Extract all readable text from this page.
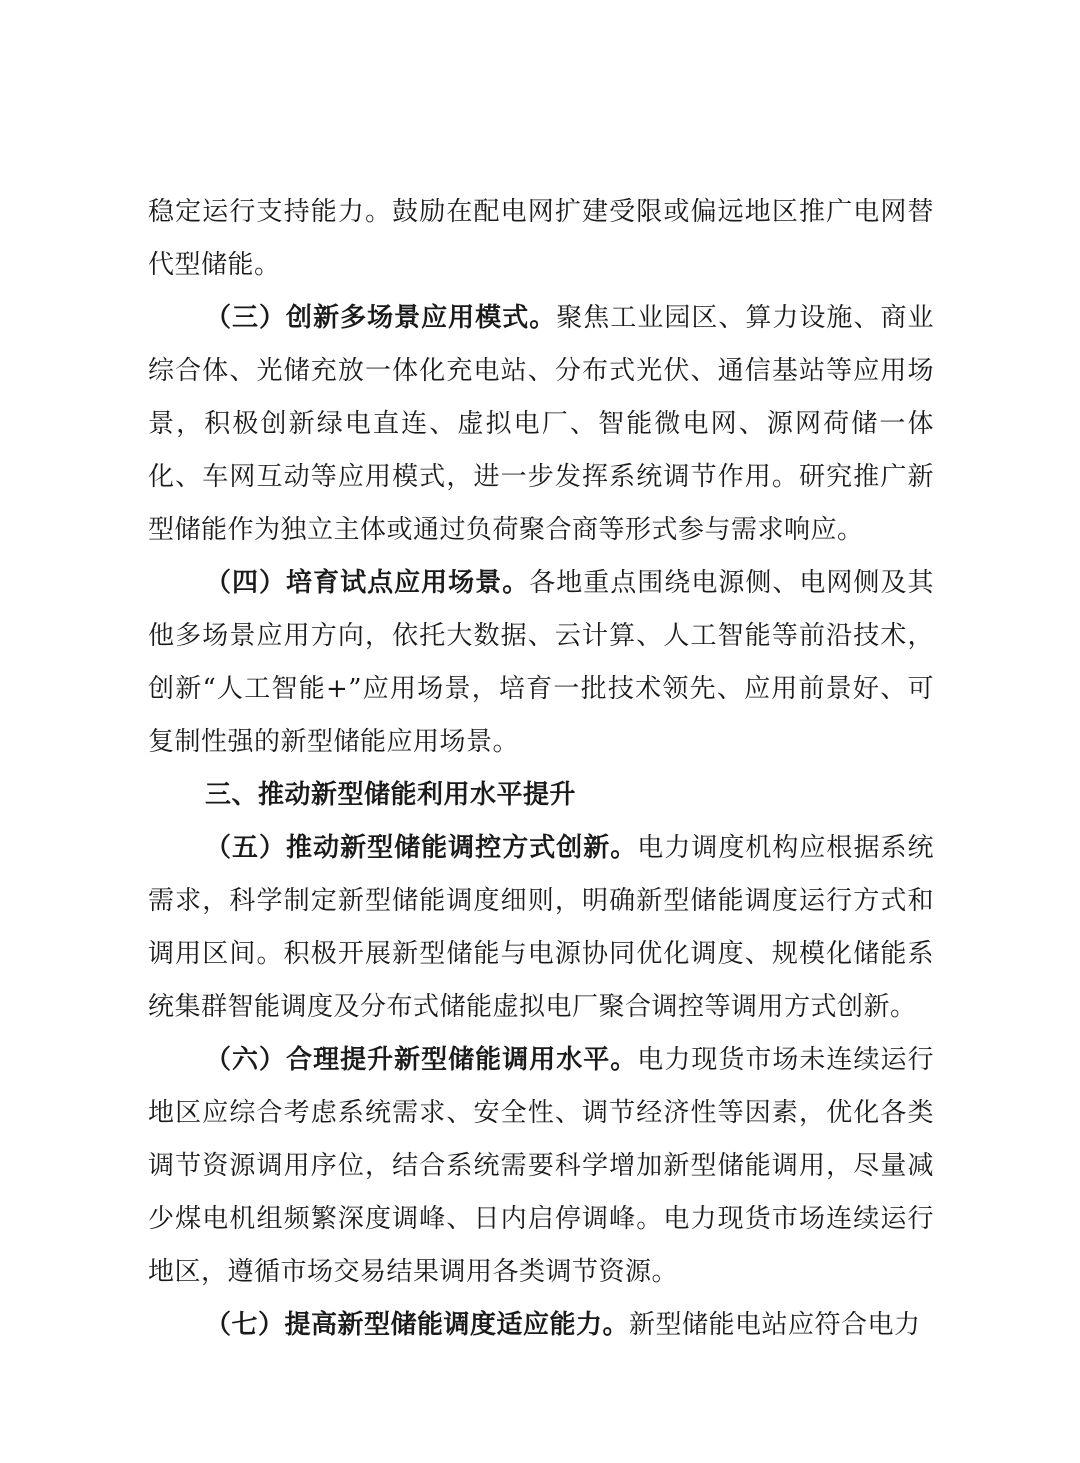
稳定运行支持能力。鼓励在配电网扩建受限或偏远地区推广电网替代型储能。

（三）创新多场景应用模式。聚焦工业园区、算力设施、商业综合体、光储充放一体化充电站、分布式光伏、通信基站等应用场景，积极创新绿电直连、虚拟电厂、智能微电网、源网荷储一体化、车网互动等应用模式，进一步发挥系统调节作用。研究推广新型储能作为独立主体或通过负荷聚合商等形式参与需求响应。

（四）培育试点应用场景。各地重点围绕电源侧、电网侧及其他多场景应用方向，依托大数据、云计算、人工智能等前沿技术，创新“人工智能+”应用场景，培育一批技术领先、应用前景好、可复制性强的新型储能应用场景。

三、推动新型储能利用水平提升

（五）推动新型储能调控方式创新。电力调度机构应根据系统需求，科学制定新型储能调度细则，明确新型储能调度运行方式和调用区间。积极开展新型储能与电源协同优化调度、规模化储能系统集群智能调度及分布式储能虚拟电厂聚合调控等调用方式创新。

（六）合理提升新型储能调用水平。电力现货市场未连续运行地区应综合考虑系统需求、安全性、调节经济性等因素，优化各类调节资源调用序位，结合系统需要科学增加新型储能调用，尽量减少煤电机组频繁深度调峰、日内启停调峰。电力现货市场连续运行地区，遵循市场交易结果调用各类调节资源。

（七）提高新型储能调度适应能力。新型储能电站应符合电力
